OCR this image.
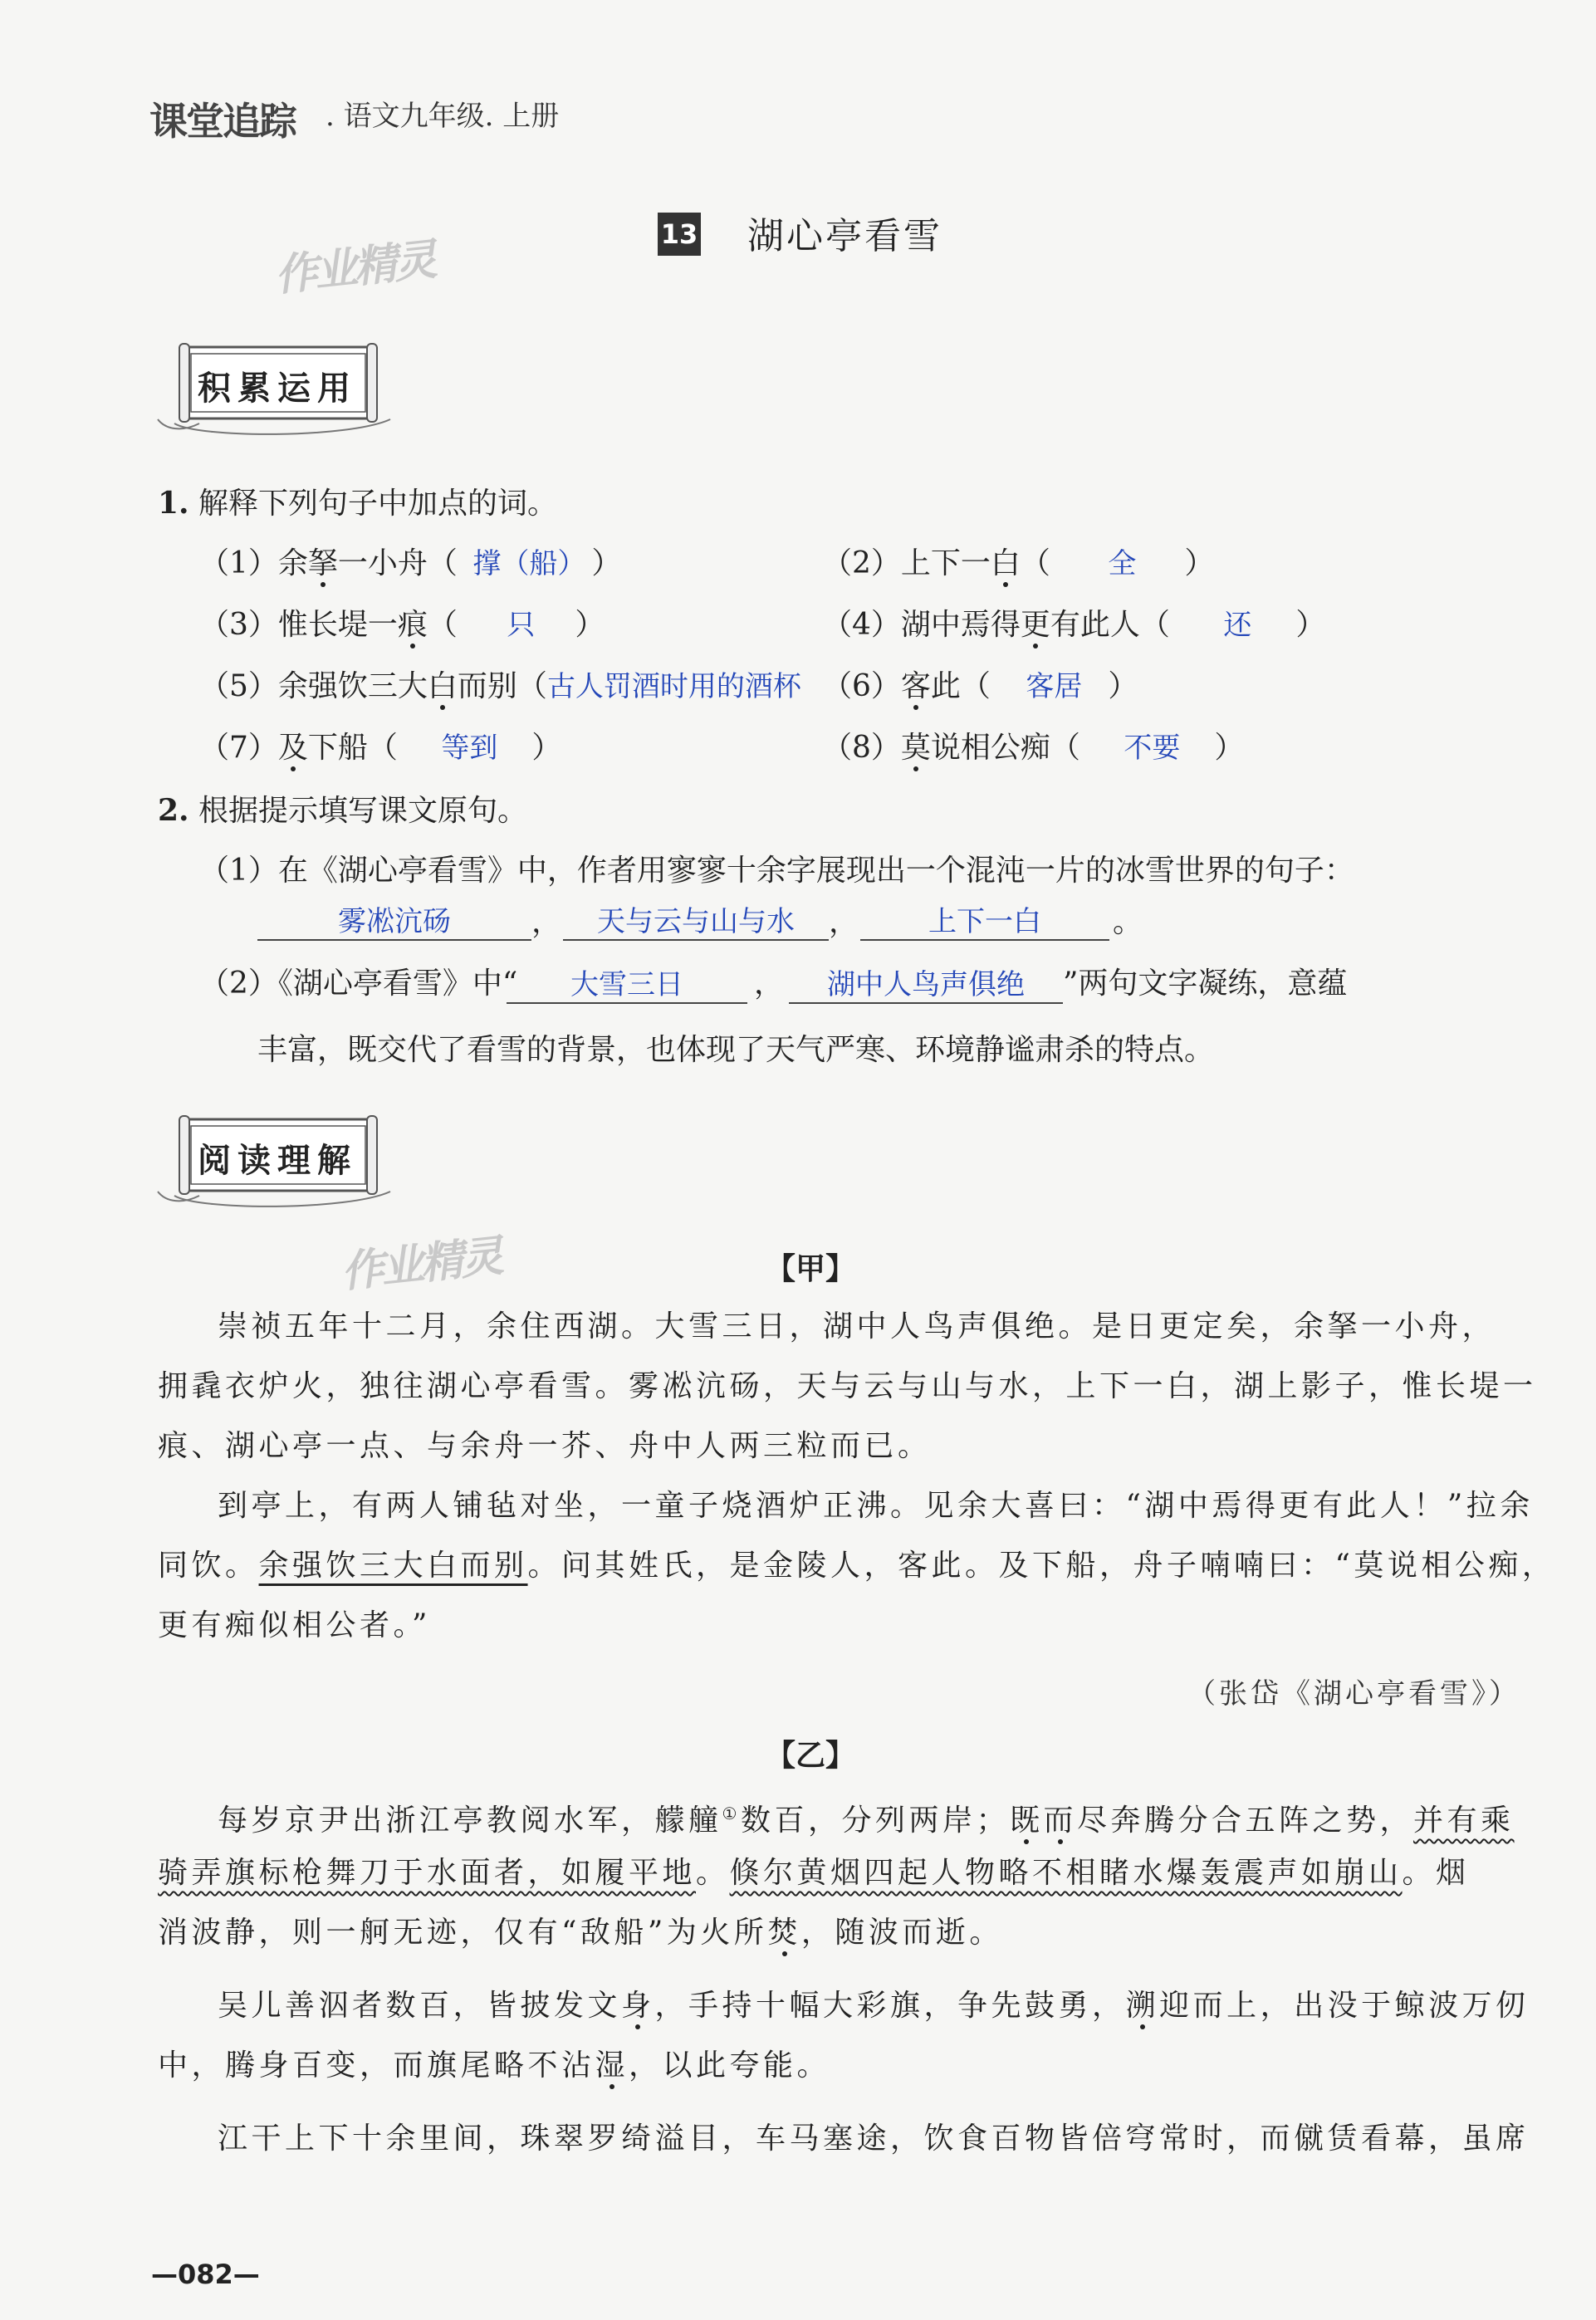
课堂追踪 . 语文九年级. 上册
13 湖心亭看雪
作业精灵
作业精灵
积累运用
1. 解释下列句子中加点的词。
（1）余拏一小舟（ 撑（船） ）	（2）上下一白（ 全 ）
（3）惟长堤一痕（ 只 ）	（4）湖中焉得更有此人（ 还 ）
（5）余强饮三大白而别（古人罚酒时用的酒杯 （6）客此（ 客居 ）
（7）及下船（ 等到 ）	（8）莫说相公痴（ 不要 ）
2. 根据提示填写课文原句。
（1）在《湖心亭看雪》中，作者用寥寥十余字展现出一个混沌一片的冰雪世界的句子：
雾凇沆砀	，	天与云与山与水	，	上下一白	。
（2）《湖心亭看雪》中“	大雪三日	，	湖中人鸟声俱绝	”两句文字凝练，意蕴
丰富，既交代了看雪的背景，也体现了天气严寒、环境静谧肃杀的特点。
阅读理解
【甲】
崇祯五年十二月，余住西湖。大雪三日，湖中人鸟声俱绝。是日更定矣，余拏一小舟，
拥毳衣炉火，独往湖心亭看雪。雾凇沆砀，天与云与山与水，上下一白，湖上影子，惟长堤一
痕、湖心亭一点、与余舟一芥、舟中人两三粒而已。
到亭上，有两人铺毡对坐，一童子烧酒炉正沸。见余大喜曰：“湖中焉得更有此人！”拉余
同饮。余强饮三大白而别。问其姓氏，是金陵人，客此。及下船，舟子喃喃曰：“莫说相公痴，
更有痴似相公者。”
（张岱《湖心亭看雪》）
【乙】
每岁京尹出浙江亭教阅水军，艨艟①数百，分列两岸；既而尽奔腾分合五阵之势，并有乘
骑弄旗标枪舞刀于水面者，如履平地。倏尔黄烟四起人物略不相睹水爆轰震声如崩山。烟
消波静，则一舸无迹，仅有“敌船”为火所焚，随波而逝。
吴儿善泅者数百，皆披发文身，手持十幅大彩旗，争先鼓勇，溯迎而上，出没于鲸波万仞
中，腾身百变，而旗尾略不沾湿，以此夸能。
江干上下十余里间，珠翠罗绮溢目，车马塞途，饮食百物皆倍穹常时，而僦赁看幕，虽席
—082—
